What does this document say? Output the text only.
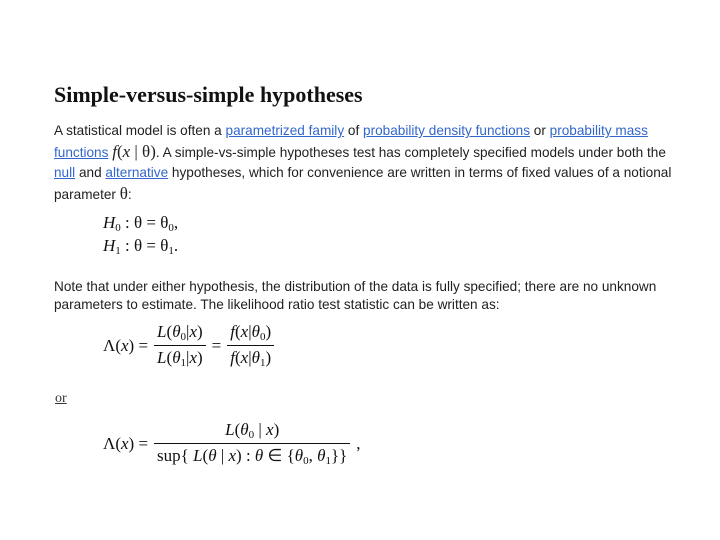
Simple-versus-simple hypotheses
A statistical model is often a parametrized family of probability density functions or probability mass functions f(x | θ). A simple-vs-simple hypotheses test has completely specified models under both the null and alternative hypotheses, which for convenience are written in terms of fixed values of a notional parameter θ:
$H_0$ : $\theta = \theta_0$,
$H_1$ : $\theta = \theta_1$.
Note that under either hypothesis, the distribution of the data is fully specified; there are no unknown parameters to estimate. The likelihood ratio test statistic can be written as:
$\Lambda(x) = \frac{L(\theta 0|x)}{L(\theta 1|x)} = \frac{f(x|\theta 0)}{f(x|\theta 1)}$
or
$\Lambda(x) = \frac{L(\theta 0 | x)}{\text{sup\{ L(θ | x) : θ ∈ \{θ0, θ1\}\}}}$ ,
